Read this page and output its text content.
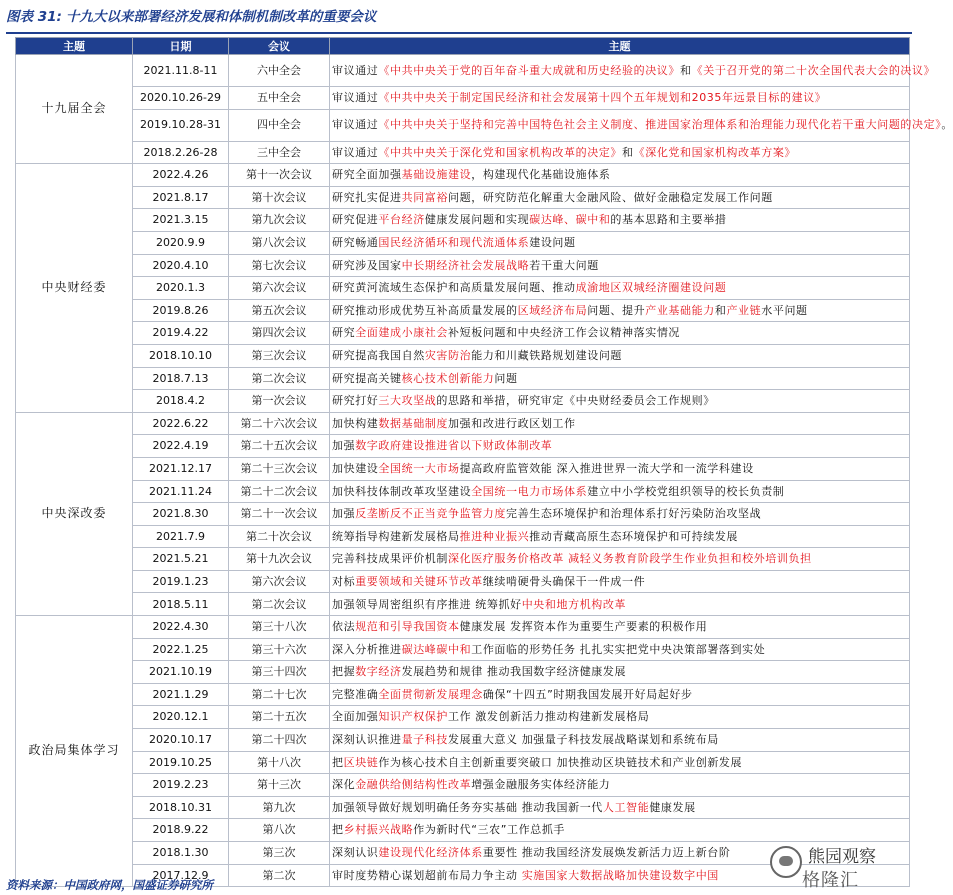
图表 31: 十九大以来部署经济发展和体制机制改革的重要会议
主题	日期	会议	主题
十九届全会	2021.11.8-11	六中全会	审议通过《中共中央关于党的百年奋斗重大成就和历史经验的决议》和《关于召开党的第二十次全国代表大会的决议》
	2020.10.26-29	五中全会	审议通过《中共中央关于制定国民经济和社会发展第十四个五年规划和2035年远景目标的建议》
	2019.10.28-31	四中全会	审议通过《中共中央关于坚持和完善中国特色社会主义制度、推进国家治理体系和治理能力现代化若干重大问题的决定》。
	2018.2.26-28	三中全会	审议通过《中共中央关于深化党和国家机构改革的决定》和《深化党和国家机构改革方案》
中央财经委	2022.4.26	第十一次会议	研究全面加强基础设施建设，构建现代化基础设施体系
	2021.8.17	第十次会议	研究扎实促进共同富裕问题，研究防范化解重大金融风险、做好金融稳定发展工作问题
	2021.3.15	第九次会议	研究促进平台经济健康发展问题和实现碳达峰、碳中和的基本思路和主要举措
	2020.9.9	第八次会议	研究畅通国民经济循环和现代流通体系建设问题
	2020.4.10	第七次会议	研究涉及国家中长期经济社会发展战略若干重大问题
	2020.1.3	第六次会议	研究黄河流域生态保护和高质量发展问题、推动成渝地区双城经济圈建设问题
	2019.8.26	第五次会议	研究推动形成优势互补高质量发展的区域经济布局问题、提升产业基础能力和产业链水平问题
	2019.4.22	第四次会议	研究全面建成小康社会补短板问题和中央经济工作会议精神落实情况
	2018.10.10	第三次会议	研究提高我国自然灾害防治能力和川藏铁路规划建设问题
	2018.7.13	第二次会议	研究提高关键核心技术创新能力问题
	2018.4.2	第一次会议	研究打好三大攻坚战的思路和举措，研究审定《中央财经委员会工作规则》
中央深改委	2022.6.22	第二十六次会议	加快构建数据基础制度加强和改进行政区划工作
	2022.4.19	第二十五次会议	加强数字政府建设推进省以下财政体制改革
	2021.12.17	第二十三次会议	加快建设全国统一大市场提高政府监管效能 深入推进世界一流大学和一流学科建设
	2021.11.24	第二十二次会议	加快科技体制改革攻坚建设全国统一电力市场体系建立中小学校党组织领导的校长负责制
	2021.8.30	第二十一次会议	加强反垄断反不正当竞争监管力度完善生态环境保护和治理体系打好污染防治攻坚战
	2021.7.9	第二十次会议	统筹指导构建新发展格局推进种业振兴推动青藏高原生态环境保护和可持续发展
	2021.5.21	第十九次会议	完善科技成果评价机制深化医疗服务价格改革 减轻义务教育阶段学生作业负担和校外培训负担
	2019.1.23	第六次会议	对标重要领域和关键环节改革继续啃硬骨头确保干一件成一件
	2018.5.11	第二次会议	加强领导周密组织有序推进 统筹抓好中央和地方机构改革
政治局集体学习	2022.4.30	第三十八次	依法规范和引导我国资本健康发展 发挥资本作为重要生产要素的积极作用
	2022.1.25	第三十六次	深入分析推进碳达峰碳中和工作面临的形势任务 扎扎实实把党中央决策部署落到实处
	2021.10.19	第三十四次	把握数字经济发展趋势和规律 推动我国数字经济健康发展
	2021.1.29	第二十七次	完整准确全面贯彻新发展理念确保“十四五”时期我国发展开好局起好步
	2020.12.1	第二十五次	全面加强知识产权保护工作 激发创新活力推动构建新发展格局
	2020.10.17	第二十四次	深刻认识推进量子科技发展重大意义 加强量子科技发展战略谋划和系统布局
	2019.10.25	第十八次	把区块链作为核心技术自主创新重要突破口 加快推动区块链技术和产业创新发展
	2019.2.23	第十三次	深化金融供给侧结构性改革增强金融服务实体经济能力
	2018.10.31	第九次	加强领导做好规划明确任务夯实基础 推动我国新一代人工智能健康发展
	2018.9.22	第八次	把乡村振兴战略作为新时代“三农”工作总抓手
	2018.1.30	第三次	深刻认识建设现代化经济体系重要性 推动我国经济发展焕发新活力迈上新台阶
	2017.12.9	第二次	审时度势精心谋划超前布局力争主动 实施国家大数据战略加快建设数字中国
资料来源：中国政府网，国盛证券研究所
熊园观察
格隆汇
